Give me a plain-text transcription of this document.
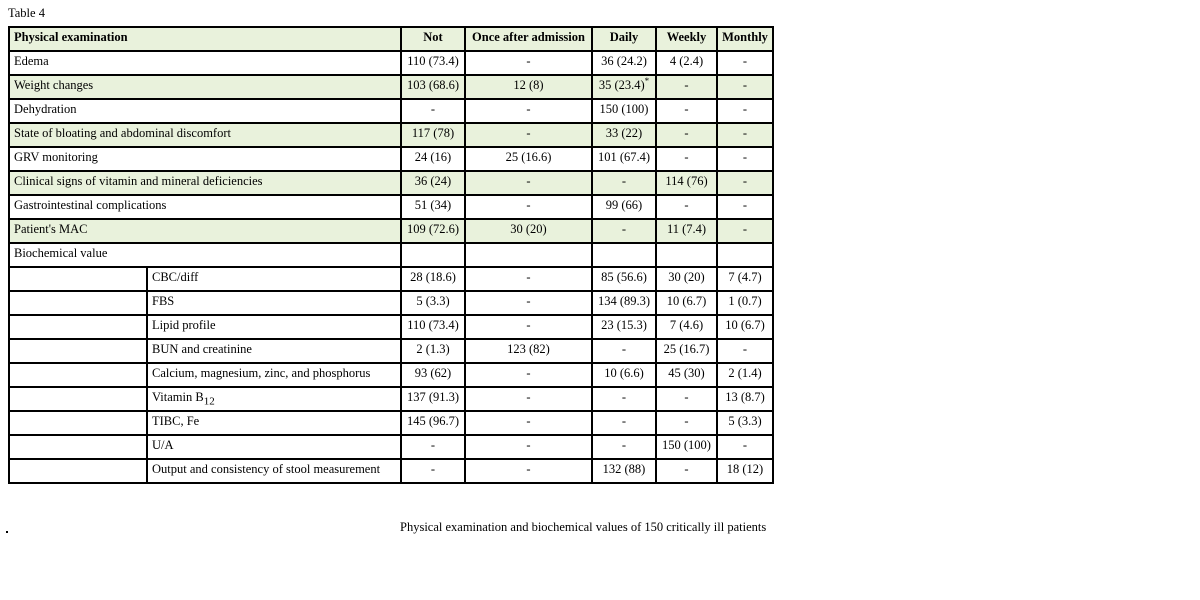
Table 4
Physical examination		Not	Once after admission	Daily	Weekly	Monthly
Edema		110 (73.4)	-	36 (24.2)	4 (2.4)	-
Weight changes		103 (68.6)	12 (8)	35 (23.4)*	-	-
Dehydration		-	-	150 (100)	-	-
State of bloating and abdominal discomfort		117 (78)	-	33 (22)	-	-
GRV monitoring		24 (16)	25 (16.6)	101 (67.4)	-	-
Clinical signs of vitamin and mineral deficiencies		36 (24)	-	-	114 (76)	-
Gastrointestinal complications		51 (34)	-	99 (66)	-	-
Patient's MAC		109 (72.6)	30 (20)	-	11 (7.4)	-
Biochemical value						
	CBC/diff	28 (18.6)	-	85 (56.6)	30 (20)	7 (4.7)
	FBS	5 (3.3)	-	134 (89.3)	10 (6.7)	1 (0.7)
	Lipid profile	110 (73.4)	-	23 (15.3)	7 (4.6)	10 (6.7)
	BUN and creatinine	2 (1.3)	123 (82)	-	25 (16.7)	-
	Calcium, magnesium, zinc, and phosphorus	93 (62)	-	10 (6.6)	45 (30)	2 (1.4)
	Vitamin $B_{12}$	137 (91.3)	-	-	-	13 (8.7)
	TIBC, Fe	145 (96.7)	-	-	-	5 (3.3)
	U/A	-	-	-	150 (100)	-
	Output and consistency of stool measurement	-	-	132 (88)	-	18 (12)
Physical examination and biochemical values of 150 critically ill patients
